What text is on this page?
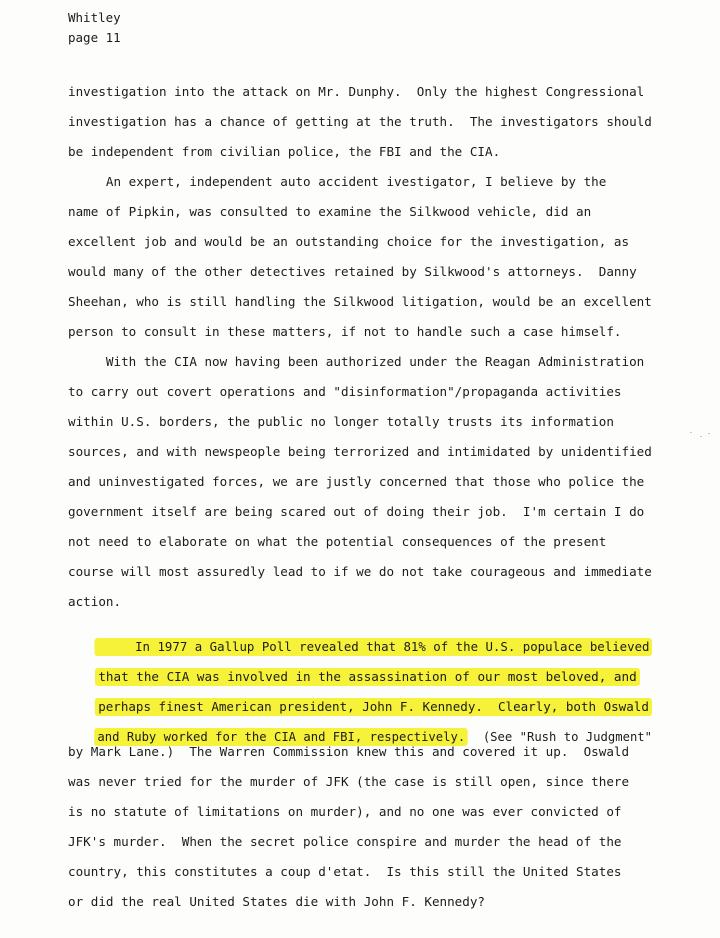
Whitley
page 11
investigation into the attack on Mr. Dunphy.  Only the highest Congressional
investigation has a chance of getting at the truth.  The investigators should
be independent from civilian police, the FBI and the CIA.
An expert, independent auto accident ivestigator, I believe by the
name of Pipkin, was consulted to examine the Silkwood vehicle, did an
excellent job and would be an outstanding choice for the investigation, as
would many of the other detectives retained by Silkwood's attorneys.  Danny
Sheehan, who is still handling the Silkwood litigation, would be an excellent
person to consult in these matters, if not to handle such a case himself.
With the CIA now having been authorized under the Reagan Administration
to carry out covert operations and "disinformation"/propaganda activities
within U.S. borders, the public no longer totally trusts its information
sources, and with newspeople being terrorized and intimidated by unidentified
and uninvestigated forces, we are justly concerned that those who police the
government itself are being scared out of doing their job.  I'm certain I do
not need to elaborate on what the potential consequences of the present
course will most assuredly lead to if we do not take courageous and immediate
action.

In 1977 a Gallup Poll revealed that 81% of the U.S. populace believed

that the CIA was involved in the assassination of our most beloved, and

perhaps finest American president, John F. Kennedy.  Clearly, both Oswald

and Ruby worked for the CIA and FBI, respectively.  (See "Rush to Judgment"

by Mark Lane.)  The Warren Commission knew this and covered it up.  Oswald
was never tried for the murder of JFK (the case is still open, since there
is no statute of limitations on murder), and no one was ever convicted of
JFK's murder.  When the secret police conspire and murder the head of the
country, this constitutes a coup d'etat.  Is this still the United States
or did the real United States die with John F. Kennedy?
